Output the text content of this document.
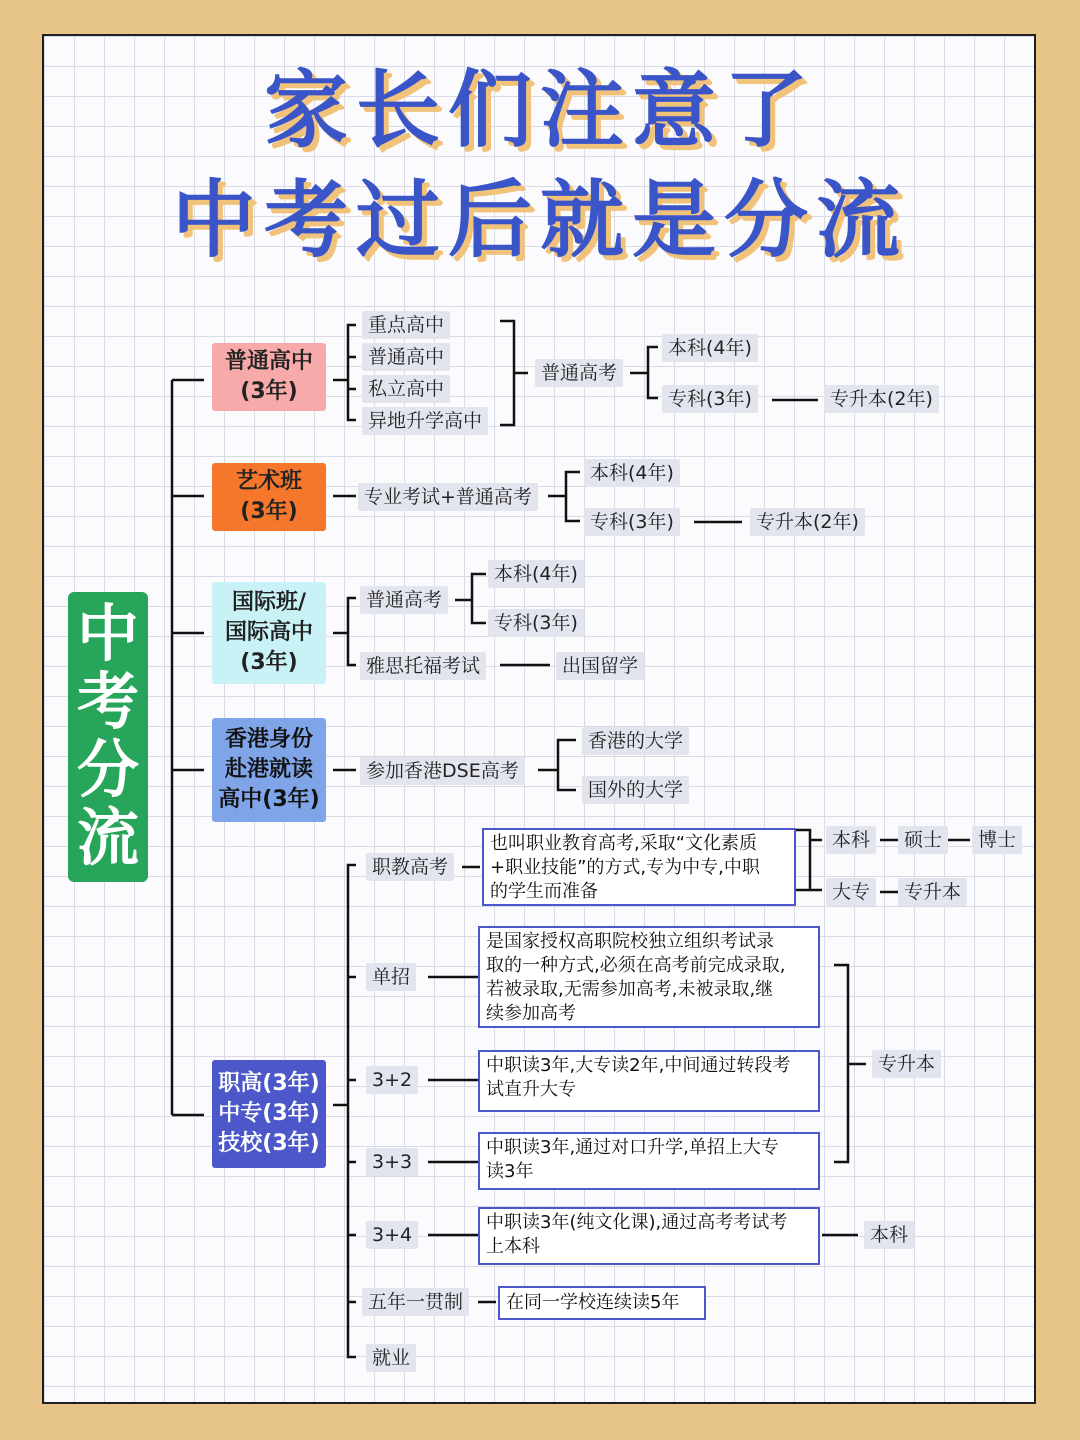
家长们注意了
中考过后就是分流
中考分流
普通高中
(3年)
艺术班
(3年)
国际班/
国际高中
(3年)
香港身份
赴港就读
高中(3年)
职高(3年)
中专(3年)
技校(3年)
重点高中
普通高中
私立高中
异地升学高中
普通高考
本科(4年)
专科(3年)	专升本(2年)
专业考试+普通高考
本科(4年)
专科(3年)	专升本(2年)
普通高考
本科(4年)
专科(3年)
雅思托福考试	出国留学
参加香港DSE高考
香港的大学
国外的大学
职教高考
也叫职业教育高考,采取“文化素质
+职业技能”的方式,专为中专,中职
的学生而准备
本科	硕士	博士
大专	专升本
单招
是国家授权高职院校独立组织考试录
取的一种方式,必须在高考前完成录取,
若被录取,无需参加高考,未被录取,继
续参加高考
3+2
中职读3年,大专读2年,中间通过转段考
试直升大专
3+3
中职读3年,通过对口升学,单招上大专
读3年
专升本
3+4
中职读3年(纯文化课),通过高考考试考
上本科
本科
五年一贯制	在同一学校连续读5年
就业
